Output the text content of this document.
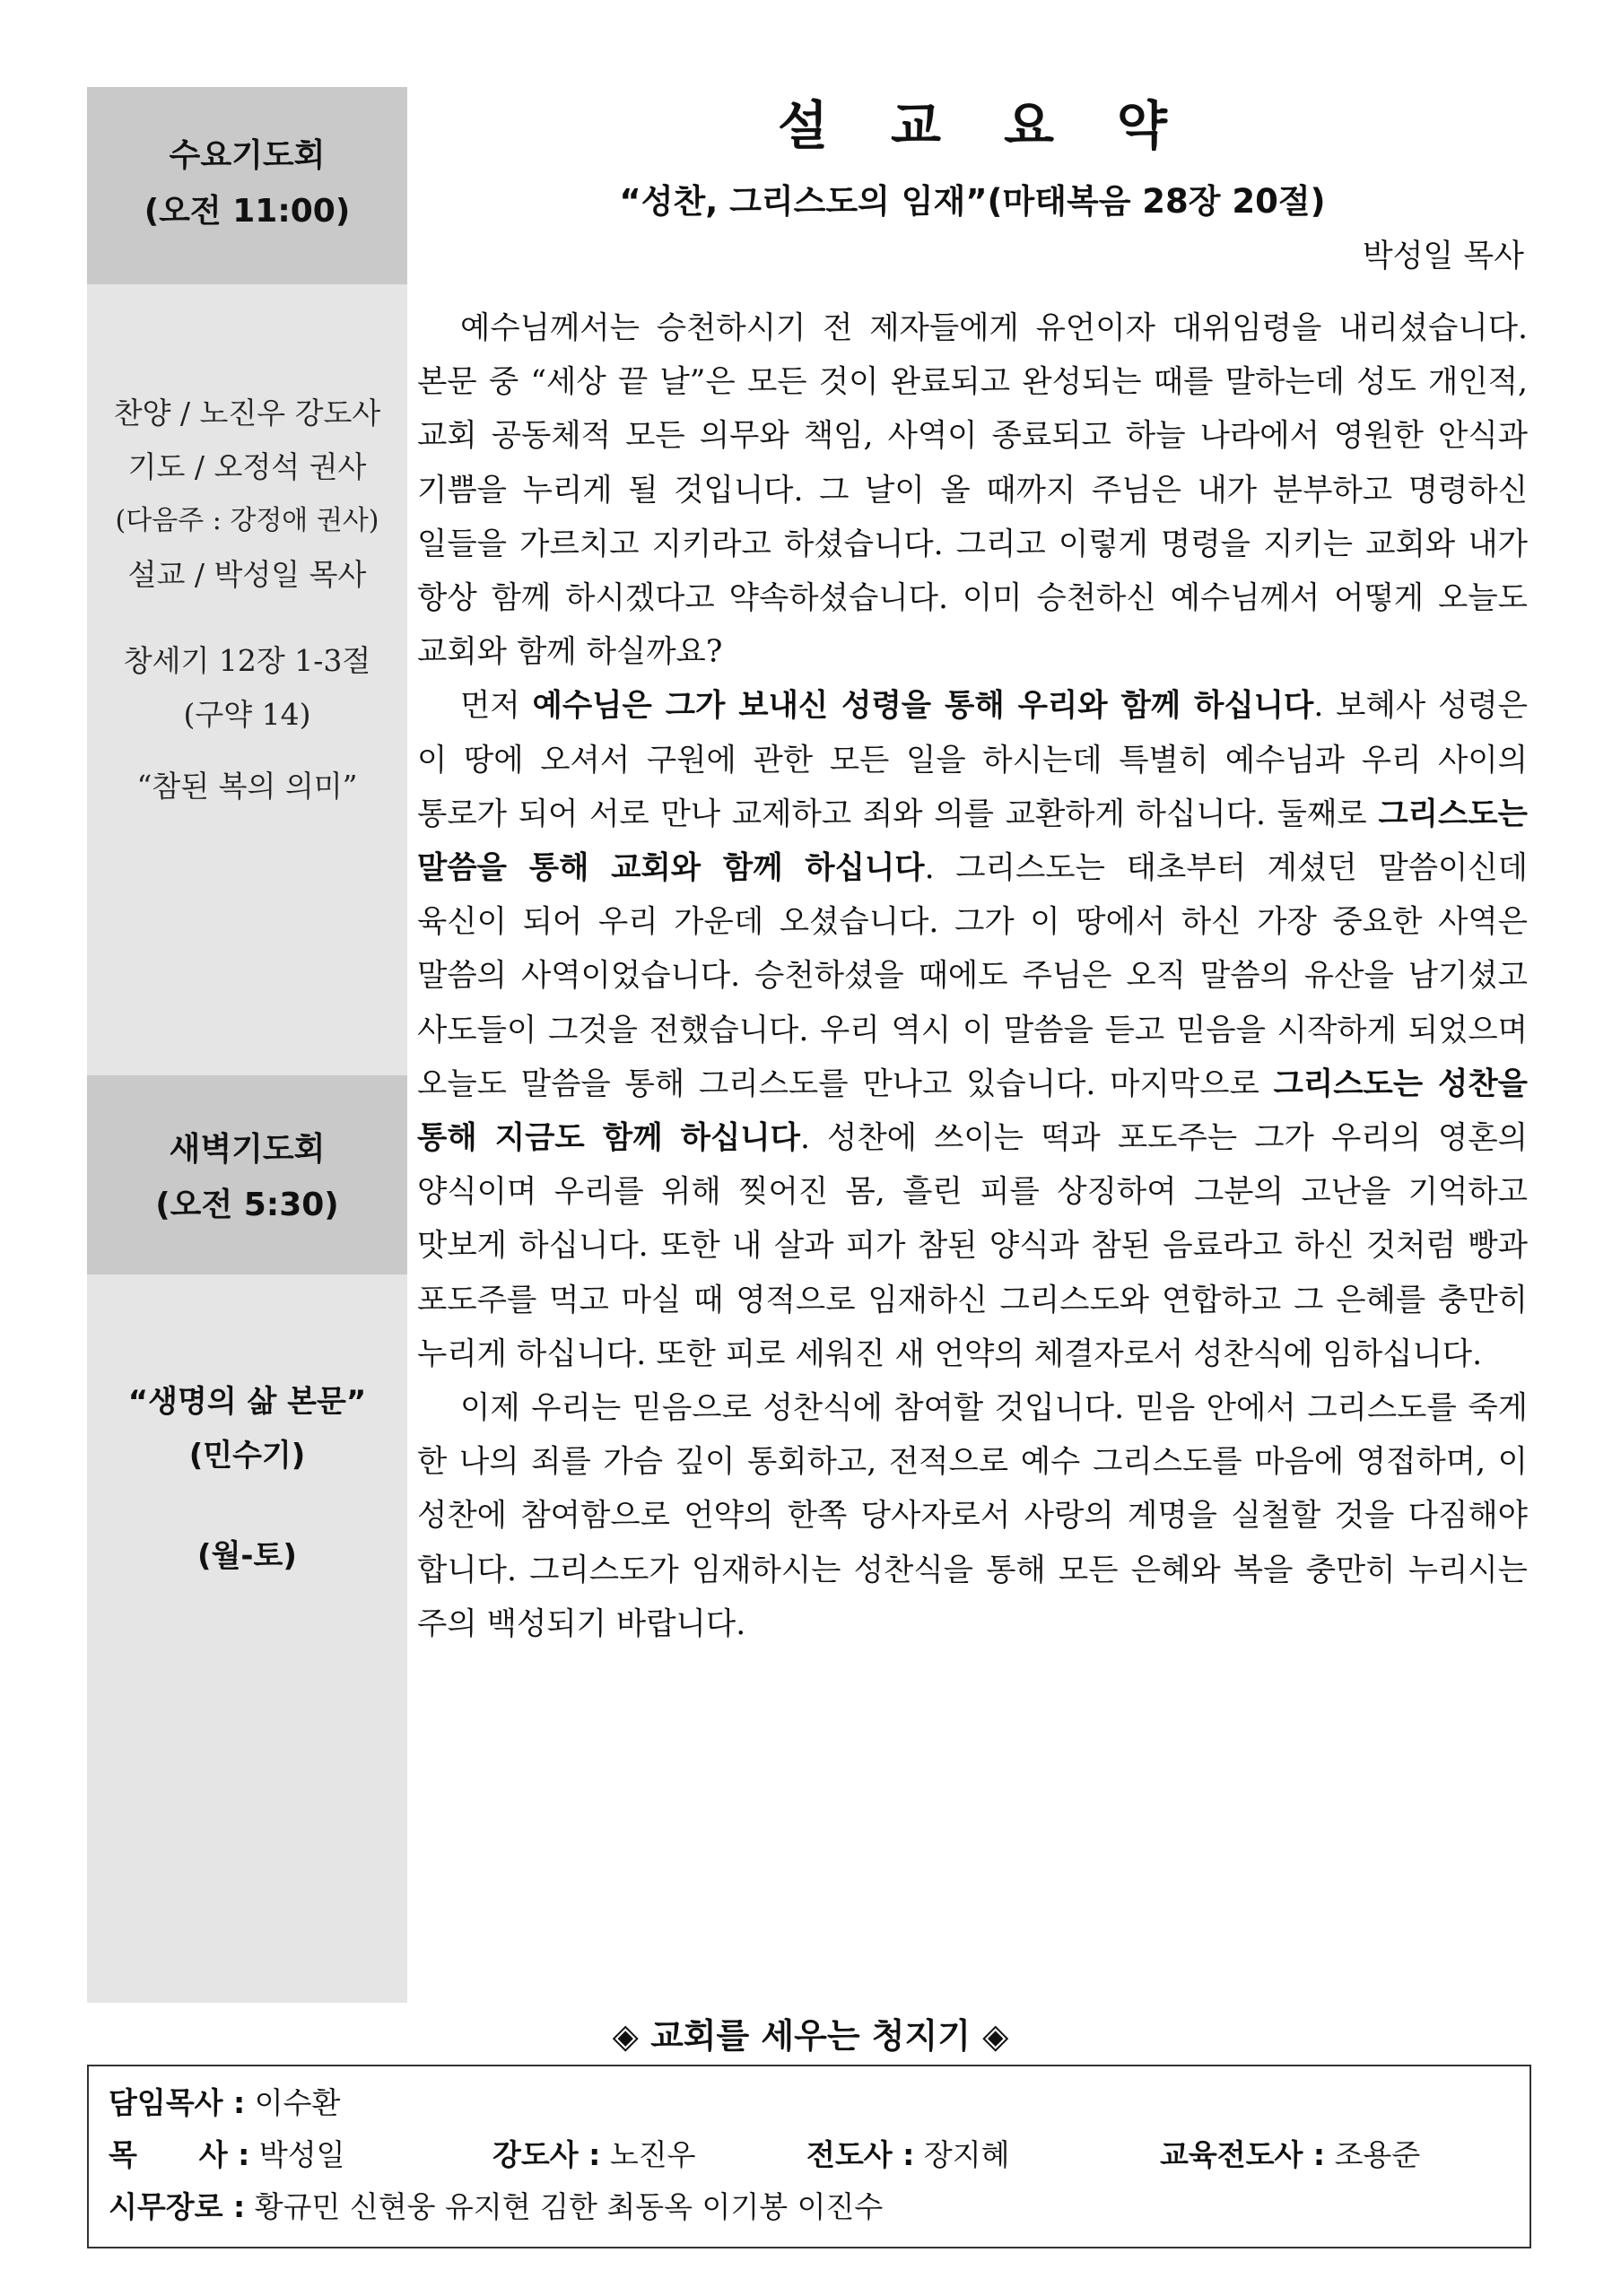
수요기도회
(오전 11:00)
찬양 / 노진우 강도사
기도 / 오정석 권사
(다음주 : 강정애 권사)
설교 / 박성일 목사
창세기 12장 1-3절
(구약 14)
“참된 복의 의미”
새벽기도회
(오전 5:30)
“생명의 삶 본문”
(민수기)
(월-토)
설교요약
“성찬, 그리스도의 임재”(마태복음 28장 20절)
박성일 목사

예수님께서는 승천하시기 전 제자들에게 유언이자 대위임령을 내리셨습니다. 본문 중 “세상 끝 날”은 모든 것이 완료되고 완성되는 때를 말하는데 성도 개인적, 교회 공동체적 모든 의무와 책임, 사역이 종료되고 하늘 나라에서 영원한 안식과 기쁨을 누리게 될 것입니다. 그 날이 올 때까지 주님은 내가 분부하고 명령하신 일들을 가르치고 지키라고 하셨습니다. 그리고 이렇게 명령을 지키는 교회와 내가 항상 함께 하시겠다고 약속하셨습니다. 이미 승천하신 예수님께서 어떻게 오늘도 교회와 함께 하실까요?

먼저 예수님은 그가 보내신 성령을 통해 우리와 함께 하십니다. 보혜사 성령은 이 땅에 오셔서 구원에 관한 모든 일을 하시는데 특별히 예수님과 우리 사이의 통로가 되어 서로 만나 교제하고 죄와 의를 교환하게 하십니다. 둘째로 그리스도는 말씀을 통해 교회와 함께 하십니다. 그리스도는 태초부터 계셨던 말씀이신데 육신이 되어 우리 가운데 오셨습니다. 그가 이 땅에서 하신 가장 중요한 사역은 말씀의 사역이었습니다. 승천하셨을 때에도 주님은 오직 말씀의 유산을 남기셨고 사도들이 그것을 전했습니다. 우리 역시 이 말씀을 듣고 믿음을 시작하게 되었으며 오늘도 말씀을 통해 그리스도를 만나고 있습니다. 마지막으로 그리스도는 성찬을 통해 지금도 함께 하십니다. 성찬에 쓰이는 떡과 포도주는 그가 우리의 영혼의 양식이며 우리를 위해 찢어진 몸, 흘린 피를 상징하여 그분의 고난을 기억하고 맛보게 하십니다. 또한 내 살과 피가 참된 양식과 참된 음료라고 하신 것처럼 빵과 포도주를 먹고 마실 때 영적으로 임재하신 그리스도와 연합하고 그 은혜를 충만히 누리게 하십니다. 또한 피로 세워진 새 언약의 체결자로서 성찬식에 임하십니다.

이제 우리는 믿음으로 성찬식에 참여할 것입니다. 믿음 안에서 그리스도를 죽게 한 나의 죄를 가슴 깊이 통회하고, 전적으로 예수 그리스도를 마음에 영접하며, 이 성찬에 참여함으로 언약의 한쪽 당사자로서 사랑의 계명을 실철할 것을 다짐해야 합니다. 그리스도가 임재하시는 성찬식을 통해 모든 은혜와 복을 충만히 누리시는 주의 백성되기 바랍니다.

◈ 교회를 세우는 청지기 ◈
담임목사 : 이수환
목      사 : 박성일	강도사 : 노진우	전도사 : 장지혜	교육전도사 : 조용준
시무장로 : 황규민 신현웅 유지현 김한 최동옥 이기봉 이진수
